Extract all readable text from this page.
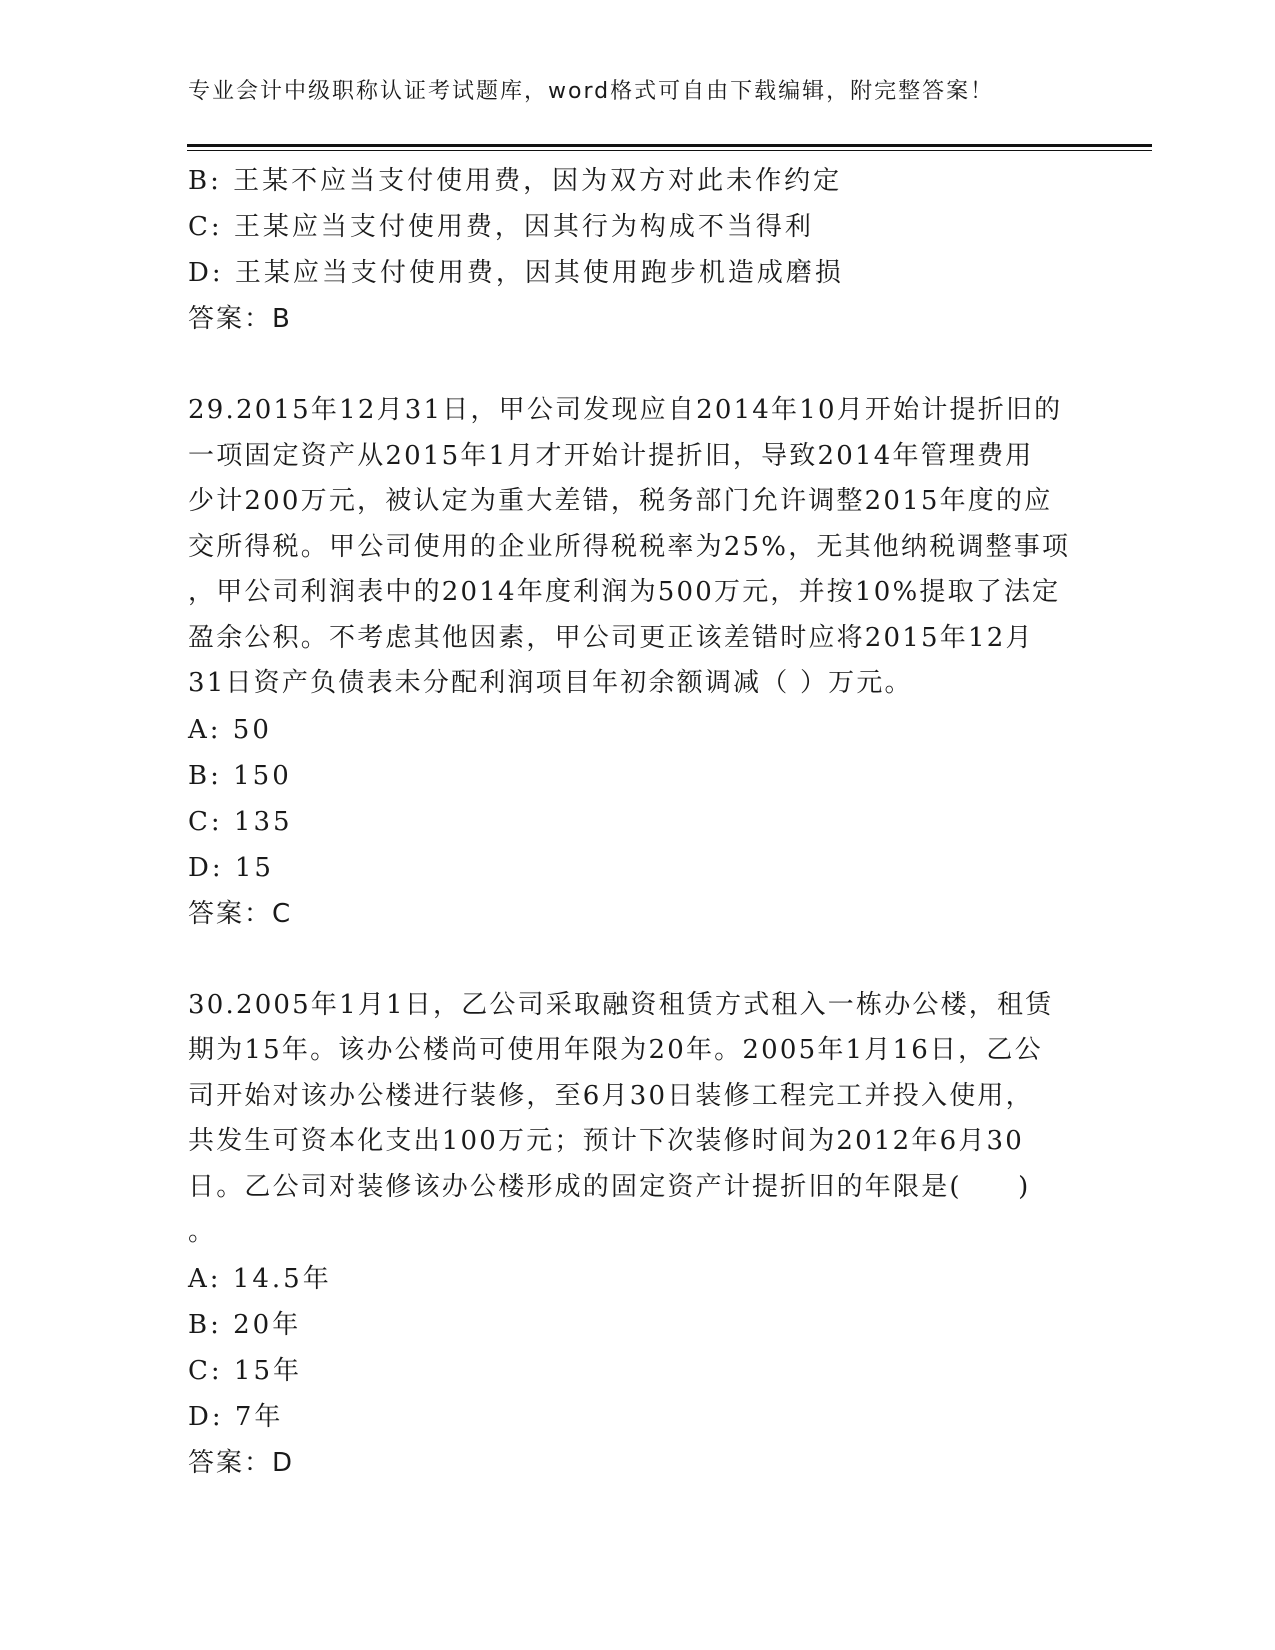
专业会计中级职称认证考试题库，word格式可自由下载编辑，附完整答案！

B: 王某不应当支付使用费，因为双方对此未作约定

C: 王某应当支付使用费，因其行为构成不当得利

D: 王某应当支付使用费，因其使用跑步机造成磨损

答案：B

29.2015年12月31日，甲公司发现应自2014年10月开始计提折旧的

一项固定资产从2015年1月才开始计提折旧，导致2014年管理费用

少计200万元，被认定为重大差错，税务部门允许调整2015年度的应

交所得税。甲公司使用的企业所得税税率为25%，无其他纳税调整事项

，甲公司利润表中的2014年度利润为500万元，并按10%提取了法定

盈余公积。不考虑其他因素，甲公司更正该差错时应将2015年12月

31日资产负债表未分配利润项目年初余额调减（ ）万元。

A: 50

B: 150

C: 135

D: 15

答案：C

30.2005年1月1日，乙公司采取融资租赁方式租入一栋办公楼，租赁

期为15年。该办公楼尚可使用年限为20年。2005年1月16日，乙公

司开始对该办公楼进行装修，至6月30日装修工程完工并投入使用，

共发生可资本化支出100万元；预计下次装修时间为2012年6月30

日。乙公司对装修该办公楼形成的固定资产计提折旧的年限是(　　)

。

A: 14.5年

B: 20年

C: 15年

D: 7年

答案：D
